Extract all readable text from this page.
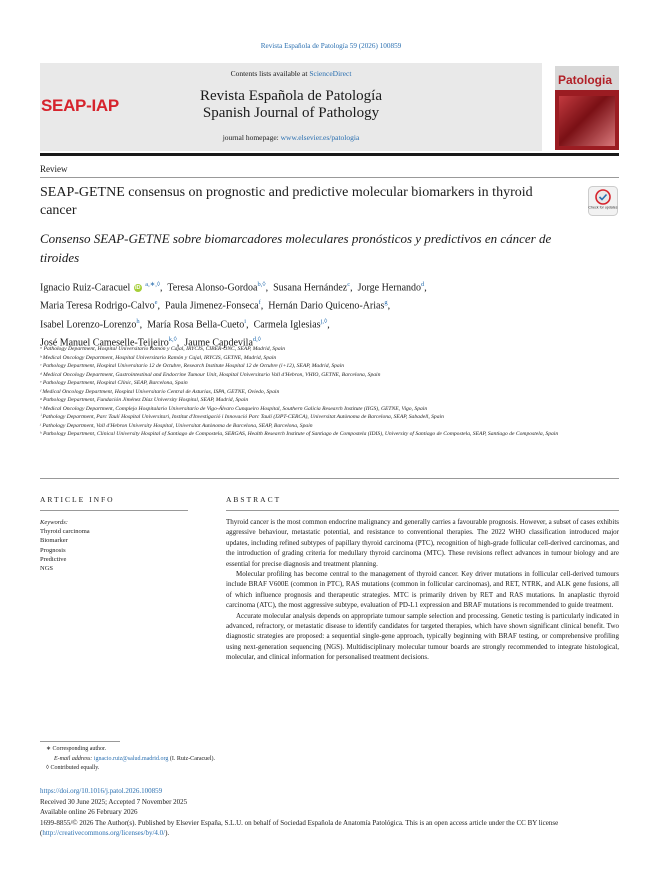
Revista Española de Patología 59 (2026) 100859
Contents lists available at ScienceDirect
Revista Española de Patología
Spanish Journal of Pathology
journal homepage: www.elsevier.es/patologia
SEAP-IAP
Patologia
Review
SEAP-GETNE consensus on prognostic and predictive molecular biomarkers in thyroid cancer	Check for updates
Consenso SEAP-GETNE sobre biomarcadores moleculares pronósticos y predictivos en cáncer de tiroides
Ignacio Ruiz-Caracuel iD $^{a,∗,◊}$,  Teresa Alonso-Gordoa$^{b,◊}$,  Susana Hernández$^c$,  Jorge Hernando$^d$,
Maria Teresa Rodrigo-Calvo$^e$,  Paula Jimenez-Fonseca$^f$,  Hernán Dario Quiceno-Arias$^g$,
Isabel Lorenzo-Lorenzo$^h$,  María Rosa Bella-Cueto$^i$,  Carmela Iglesias$^{j,◊}$,
José Manuel Cameselle-Teijeiro$^{k,◊}$,  Jaume Capdevila$^{d,◊}$

ᵃ Pathology Department, Hospital Universitario Ramón y Cajal, IRYCIS, CIBER-ONC, SEAP, Madrid, Spain

ᵇ Medical Oncology Department, Hospital Universitario Ramón y Cajal, IRYCIS, GETNE, Madrid, Spain

ᶜ Pathology Department, Hospital Universitario 12 de Octubre, Research Institute Hospital 12 de Octubre (i+12), SEAP, Madrid, Spain

ᵈ Medical Oncology Department, Gastrointestinal and Endocrine Tumour Unit, Hospital Universitario Vall d'Hebron, VHIO, GETNE, Barcelona, Spain

ᵉ Pathology Department, Hospital Clínic, SEAP, Barcelona, Spain

ᶠ Medical Oncology Department, Hospital Universitario Central de Asturias, ISPA, GETNE, Oviedo, Spain

ᵍ Pathology Department, Fundación Jiménez Díaz University Hospital, SEAP, Madrid, Spain

ʰ Medical Oncology Department, Complejo Hospitalario Universitario de Vigo-Álvaro Cunqueiro Hospital, Southern Galicia Research Institute (IIGS), GETNE, Vigo, Spain

ⁱ Pathology Department, Parc Taulí Hospital Universitari, Institut d'Investigació i Innovació Parc Taulí (I3PT-CERCA), Universitat Autònoma de Barcelona, SEAP, Sabadell, Spain

ʲ Pathology Department, Vall d'Hebron University Hospital, Universitat Autònoma de Barcelona, SEAP, Barcelona, Spain

ᵏ Pathology Department, Clinical University Hospital of Santiago de Compostela, SERGAS, Health Research Institute of Santiago de Compostela (IDIS), University of Santiago de Compostela, SEAP, Santiago de Compostela, Spain

ARTICLE INFO
Keywords:
Thyroid carcinoma
Biomarker
Prognosis
Predictive
NGS
ABSTRACT

Thyroid cancer is the most common endocrine malignancy and generally carries a favourable prognosis. However, a subset of cases exhibits aggressive behaviour, metastatic potential, and resistance to conventional therapies. The 2022 WHO classification introduced major updates, including refined subtypes of papillary thyroid carcinoma (PTC), recognition of high-grade follicular cell-derived carcinomas, and the introduction of grading criteria for medullary thyroid carcinoma (MTC). These revisions reflect advances in tumour biology and are essential for precise diagnosis and treatment planning.

Molecular profiling has become central to the management of thyroid cancer. Key driver mutations in follicular cell-derived tumours include BRAF V600E (common in PTC), RAS mutations (common in follicular carcinomas), and RET, NTRK, and ALK gene fusions, all of which influence prognosis and therapeutic strategies. MTC is primarily driven by RET and RAS mutations. In anaplastic thyroid carcinoma (ATC), the most aggressive subtype, evaluation of PD-L1 expression and BRAF mutations is recommended to guide treatment.

Accurate molecular analysis depends on appropriate tumour sample selection and processing. Genetic testing is particularly indicated in advanced, refractory, or metastatic disease to identify candidates for targeted therapies, which have shown significant clinical benefit. Two diagnostic strategies are proposed: a sequential single-gene approach, typically beginning with BRAF testing, or comprehensive profiling using next-generation sequencing (NGS). Multidisciplinary molecular tumour boards are strongly recommended to integrate histological, molecular, and clinical information for personalised treatment decisions.

∗ Corresponding author.
E-mail address: ignacio.ruiz@salud.madrid.org (I. Ruiz-Caracuel).
◊ Contributed equally.
https://doi.org/10.1016/j.patol.2026.100859
Received 30 June 2025; Accepted 7 November 2025
Available online 26 February 2026
1699-8855/© 2026 The Author(s). Published by Elsevier España, S.L.U. on behalf of Sociedad Española de Anatomía Patológica. This is an open access article under the CC BY license (http://creativecommons.org/licenses/by/4.0/).
